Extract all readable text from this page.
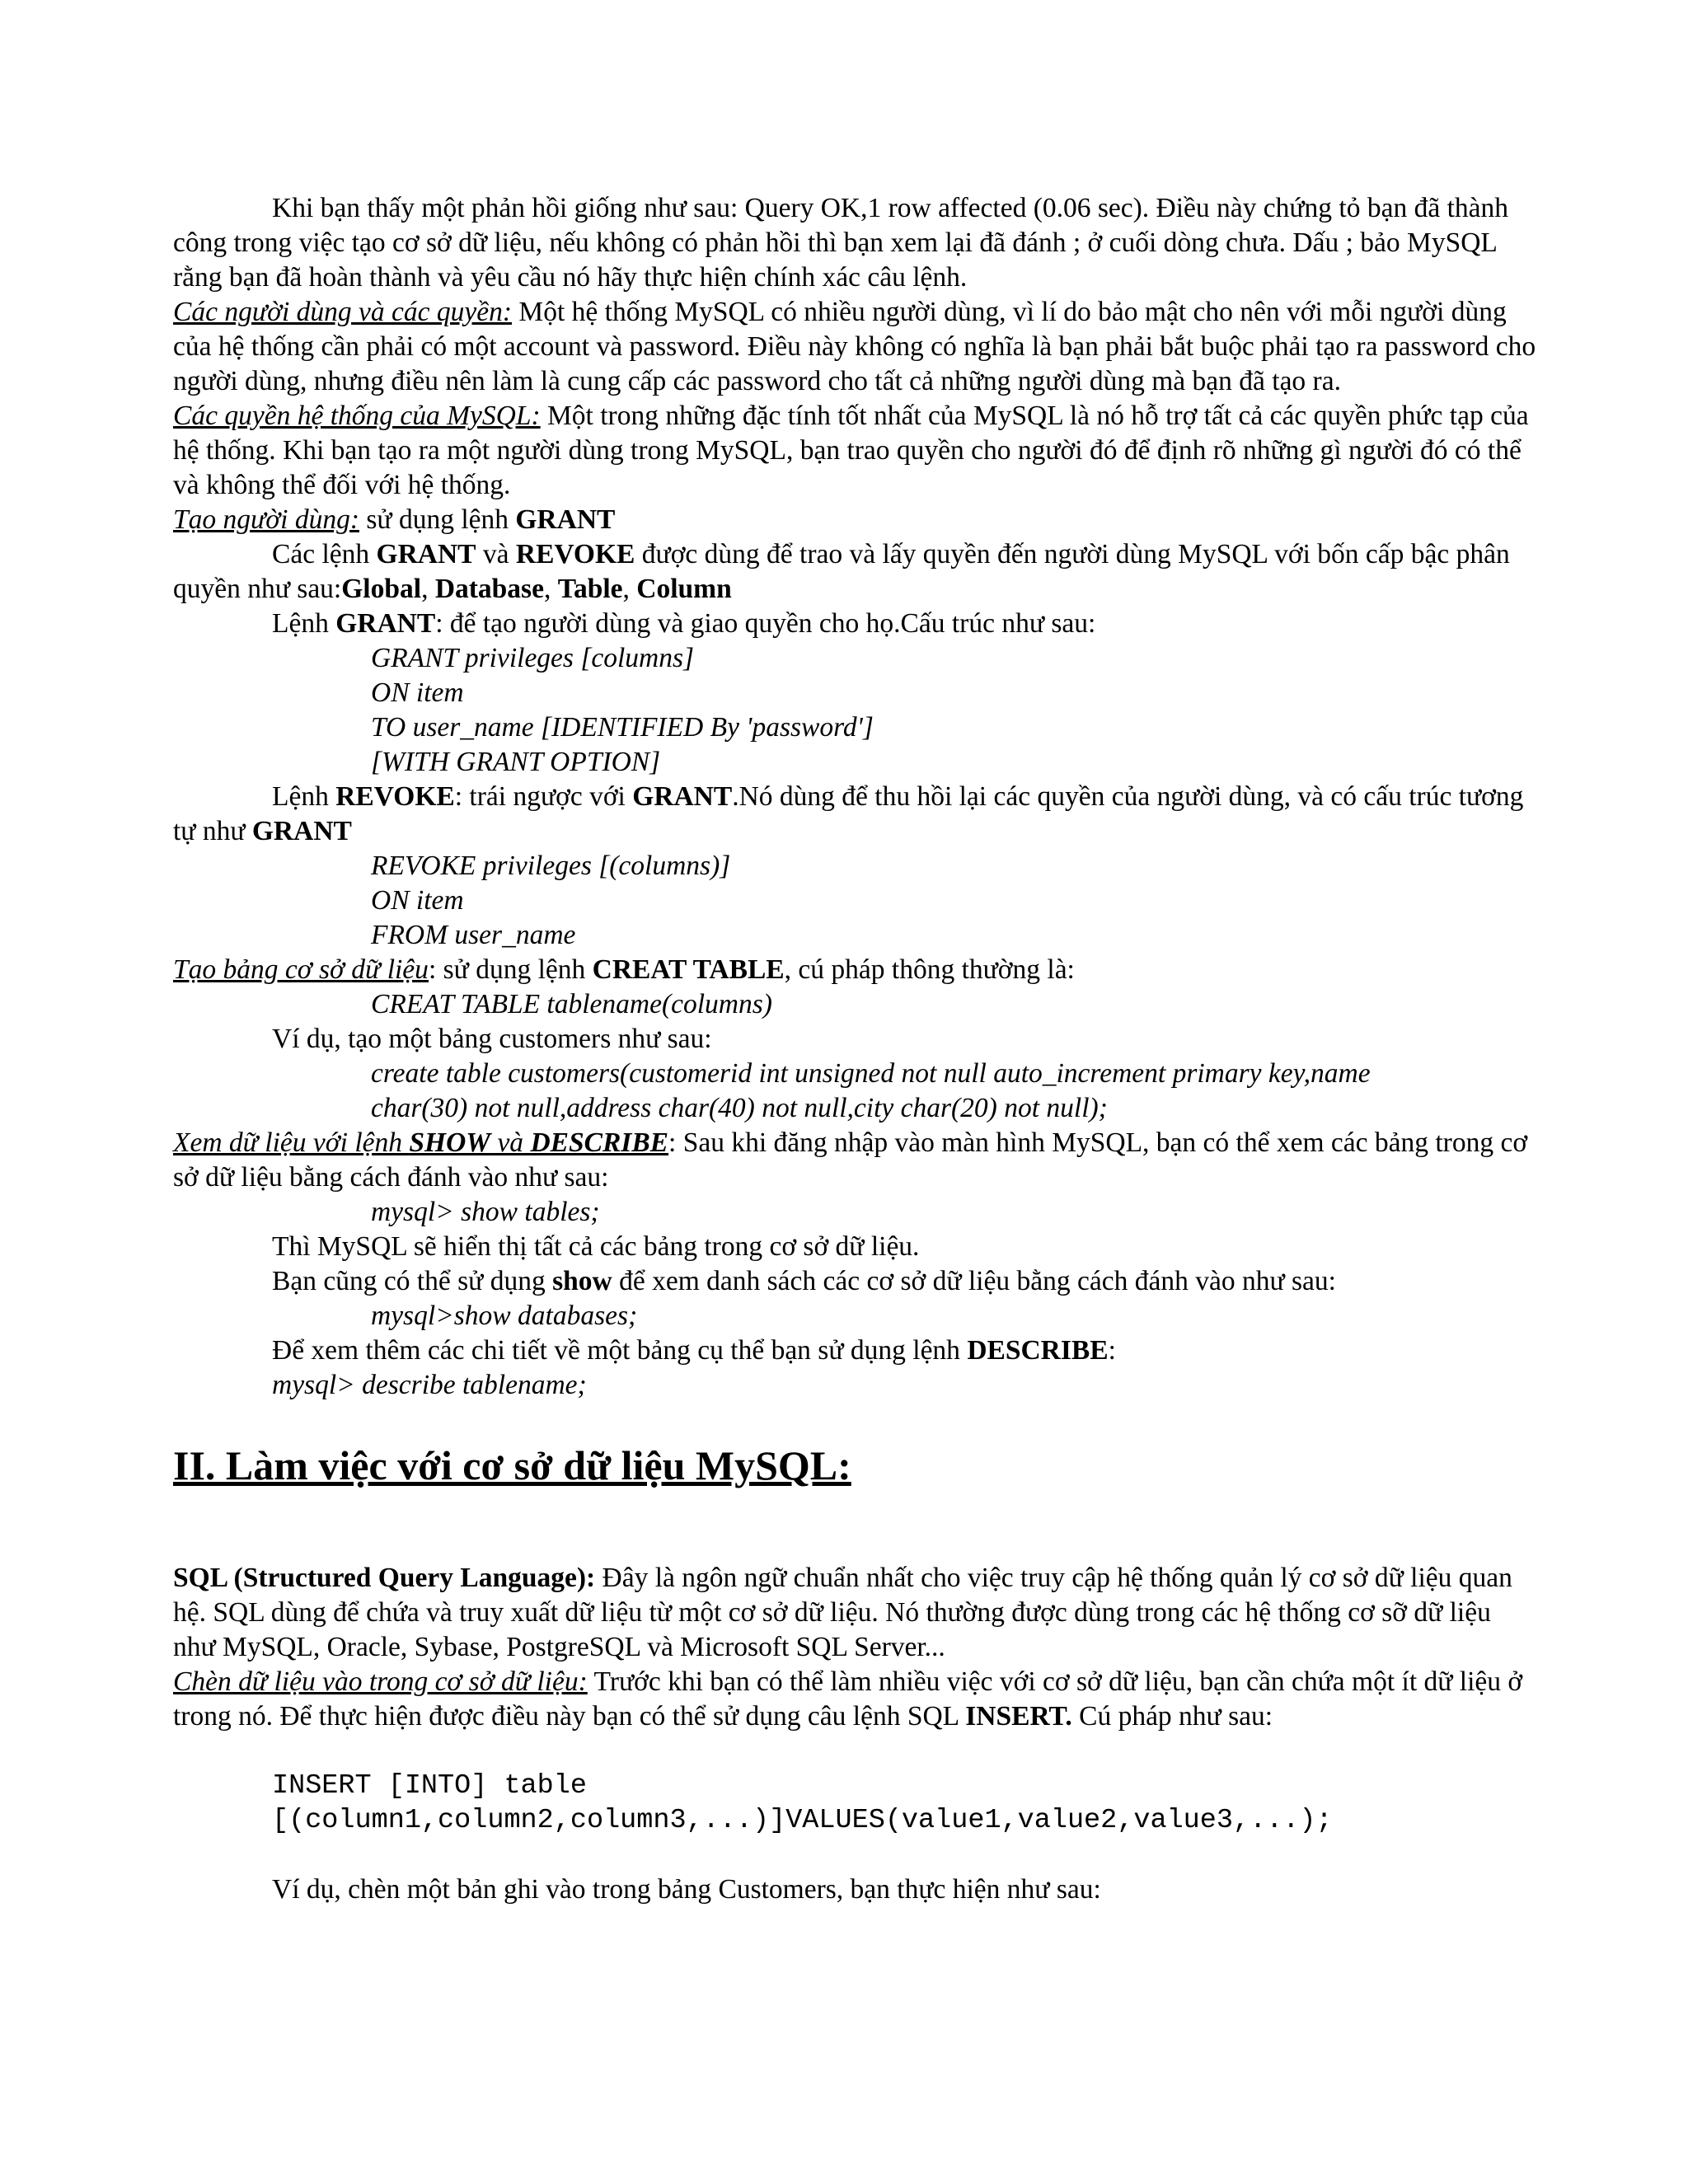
Khi bạn thấy một phản hồi giống như sau: Query OK,1 row affected (0.06 sec). Điều này chứng tỏ bạn đã thành công trong việc tạo cơ sở dữ liệu, nếu không có phản hồi thì bạn xem lại đã đánh ; ở cuối dòng chưa. Dấu ; bảo MySQL rằng bạn đã hoàn thành và yêu cầu nó hãy thực hiện chính xác câu lệnh.

Các người dùng và các quyền: Một hệ thống MySQL có nhiều người dùng, vì lí do bảo mật cho nên với mỗi người dùng của hệ thống cần phải có một account và password. Điều này không có nghĩa là bạn phải bắt buộc phải tạo ra password cho người dùng, nhưng điều nên làm là cung cấp các password cho tất cả những người dùng mà bạn đã tạo ra.

Các quyền hệ thống của MySQL: Một trong những đặc tính tốt nhất của MySQL là nó hỗ trợ tất cả các quyền phức tạp của hệ thống. Khi bạn tạo ra một người dùng trong MySQL, bạn trao quyền cho người đó để định rõ những gì người đó có thể và không thể đối với hệ thống.

Tạo người dùng: sử dụng lệnh GRANT

Các lệnh GRANT và REVOKE được dùng để trao và lấy quyền đến người dùng MySQL với bốn cấp bậc phân quyền như sau:Global, Database, Table, Column

Lệnh GRANT: để tạo người dùng và giao quyền cho họ.Cấu trúc như sau:

GRANT privileges [columns]

ON item

TO user_name [IDENTIFIED By 'password']

[WITH GRANT OPTION]

Lệnh REVOKE: trái ngược với GRANT.Nó dùng để thu hồi lại các quyền của người dùng, và có cấu trúc tương tự như GRANT

REVOKE privileges [(columns)]

ON item

FROM user_name

Tạo bảng cơ sở dữ liệu: sử dụng lệnh CREAT TABLE, cú pháp thông thường là:

CREAT TABLE tablename(columns)

Ví dụ, tạo một bảng customers như sau:

create table customers(customerid int unsigned not null auto_increment primary key,name

char(30) not null,address char(40) not null,city char(20) not null);

Xem dữ liệu với lệnh SHOW và DESCRIBE: Sau khi đăng nhập vào màn hình MySQL, bạn có thể xem các bảng trong cơ sở dữ liệu bằng cách đánh vào như sau:

mysql> show tables;

Thì MySQL sẽ hiển thị tất cả các bảng trong cơ sở dữ liệu.

Bạn cũng có thể sử dụng show để xem danh sách các cơ sở dữ liệu bằng cách đánh vào như sau:

mysql>show databases;

Để xem thêm các chi tiết về một bảng cụ thể bạn sử dụng lệnh DESCRIBE:

mysql> describe tablename;

II. Làm việc với cơ sở dữ liệu MySQL:

SQL (Structured Query Language): Đây là ngôn ngữ chuẩn nhất cho việc truy cập hệ thống quản lý cơ sở dữ liệu quan hệ. SQL dùng để chứa và truy xuất dữ liệu từ một cơ sở dữ liệu. Nó thường được dùng trong các hệ thống cơ sỡ dữ liệu như MySQL, Oracle, Sybase, PostgreSQL và Microsoft SQL Server...

Chèn dữ liệu vào trong cơ sở dữ liệu: Trước khi bạn có thể làm nhiều việc với cơ sở dữ liệu, bạn cần chứa một ít dữ liệu ở trong nó. Để thực hiện được điều này bạn có thể sử dụng câu lệnh SQL INSERT. Cú pháp như sau:

INSERT [INTO] table

[(column1,column2,column3,...)]VALUES(value1,value2,value3,...);

Ví dụ, chèn một bản ghi vào trong bảng Customers, bạn thực hiện như sau:
